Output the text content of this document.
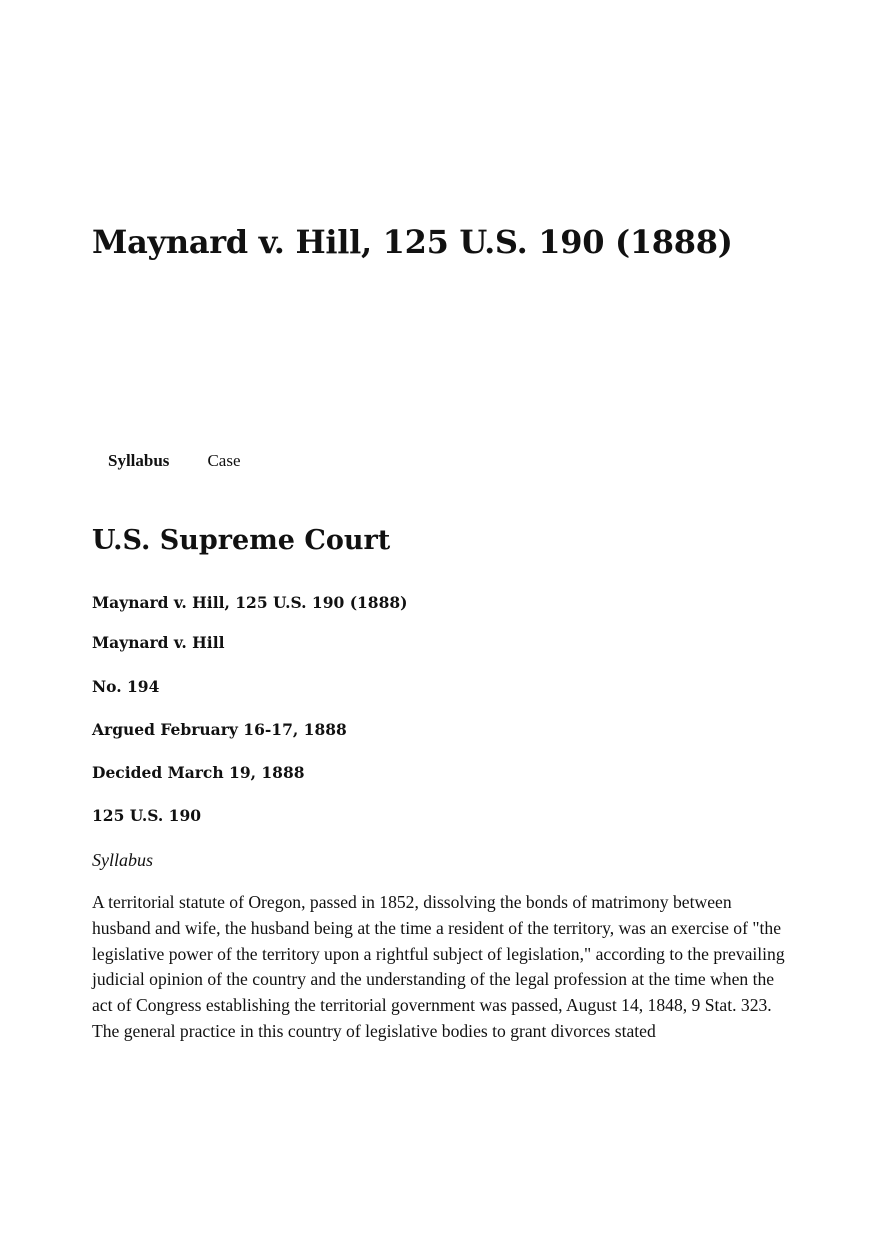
Maynard v. Hill, 125 U.S. 190 (1888)
Syllabus Case
U.S. Supreme Court

Maynard v. Hill, 125 U.S. 190 (1888)

Maynard v. Hill

No. 194

Argued February 16-17, 1888

Decided March 19, 1888

125 U.S. 190

Syllabus

A territorial statute of Oregon, passed in 1852, dissolving the bonds of matrimony between husband and wife, the husband being at the time a resident of the territory, was an exercise of "the legislative power of the territory upon a rightful subject of legislation," according to the prevailing judicial opinion of the country and the understanding of the legal profession at the time when the act of Congress establishing the territorial government was passed, August 14, 1848, 9 Stat. 323. The general practice in this country of legislative bodies to grant divorces stated
